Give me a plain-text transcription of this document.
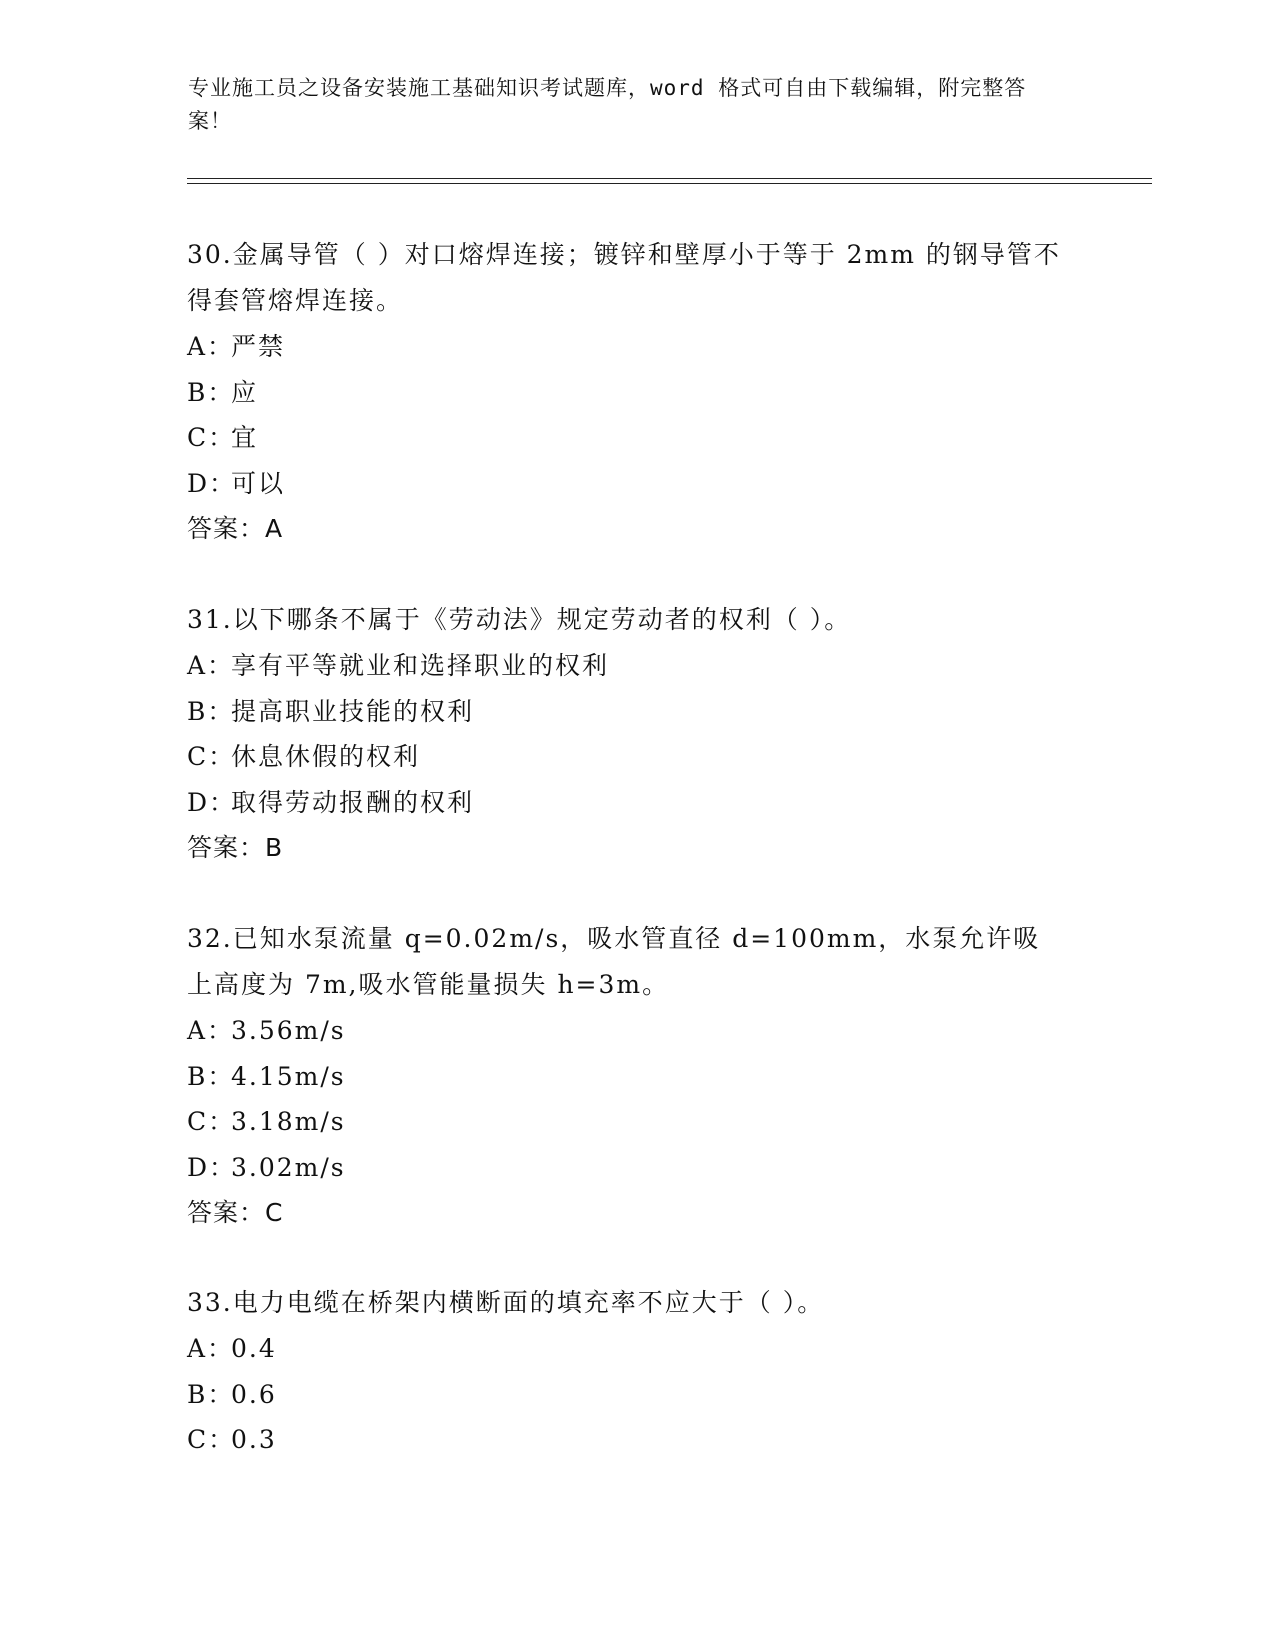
专业施工员之设备安装施工基础知识考试题库，word 格式可自由下载编辑，附完整答案！

30.金属导管（ ）对口熔焊连接；镀锌和壁厚小于等于 2mm 的钢导管不得套管熔焊连接。

A：严禁

B：应

C：宜

D：可以

答案：A

31.以下哪条不属于《劳动法》规定劳动者的权利（ ）。

A：享有平等就业和选择职业的权利

B：提高职业技能的权利

C：休息休假的权利

D：取得劳动报酬的权利

答案：B

32.已知水泵流量 q=0.02m/s，吸水管直径 d=100mm，水泵允许吸上高度为 7m,吸水管能量损失 h=3m。

A：3.56m/s

B：4.15m/s

C：3.18m/s

D：3.02m/s

答案：C

33.电力电缆在桥架内横断面的填充率不应大于（ ）。

A：0.4

B：0.6

C：0.3
